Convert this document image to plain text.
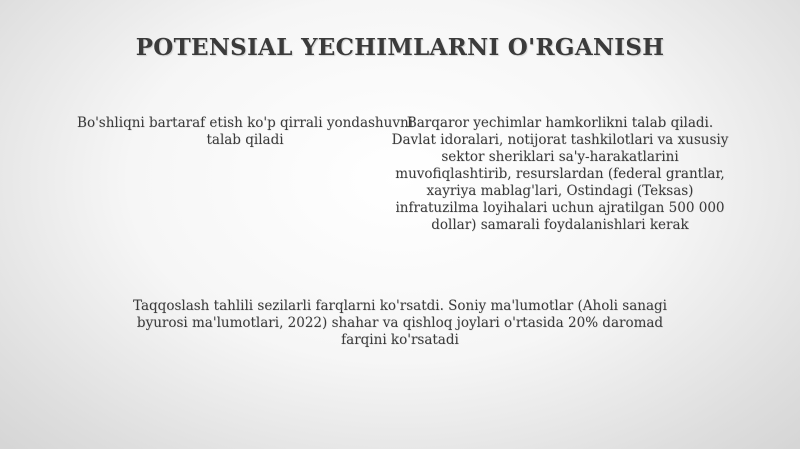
POTENSIAL YECHIMLARNI O'RGANISH
Bo'shliqni bartaraf etish ko'p qirrali yondashuvni talab qiladi
Barqaror yechimlar hamkorlikni talab qiladi. Davlat idoralari, notijorat tashkilotlari va xususiy sektor sheriklari sa'y-harakatlarini muvofiqlashtirib, resurslardan (federal grantlar, xayriya mablag'lari, Ostindagi (Teksas) infratuzilma loyihalari uchun ajratilgan 500 000 dollar) samarali foydalanishlari kerak
Taqqoslash tahlili sezilarli farqlarni ko'rsatdi. Soniy ma'lumotlar (Aholi sanagi byurosi ma'lumotlari, 2022) shahar va qishloq joylari o'rtasida 20% daromad farqini ko'rsatadi
